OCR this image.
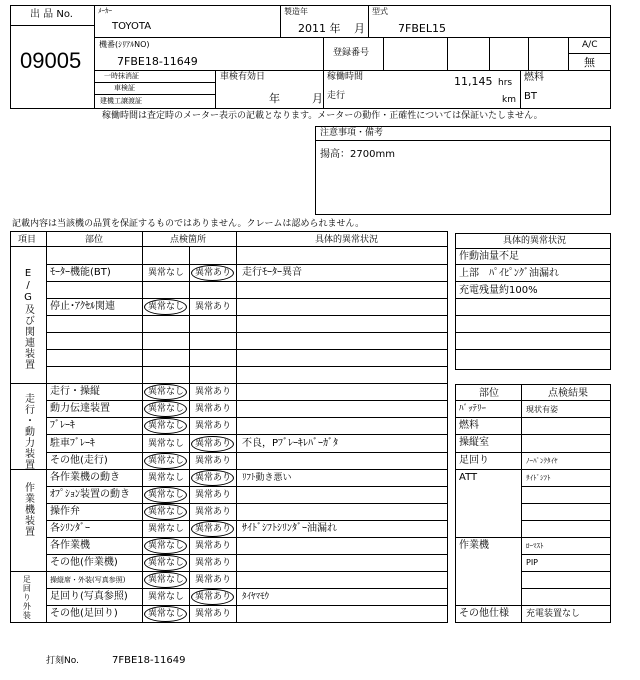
出 品 No.
09005
ﾒｰｶｰ
TOYOTA
製造年
2011 年 月
型式
7FBEL15
機番(ｼﾘｱﾙNO)
7FBE18-11649
登録番号
A/C
無
一時抹消証
車検証
建機工譲渡証
車検有効日
年	月
稼働時間	11,145 hrs
走行	km
燃料
BT
稼働時間は査定時のメーター表示の記載となります。メーターの動作・正確性については保証いたしません。
注意事項・備考
揚高：2700mm
記載内容は当該機の品質を保証するものではありません。クレームは認められません。
項目	部位	点検箇所	具体的異常状況
E/G及び関連装置
走行・動力装置
作業機装置
足回り外装
ﾓｰﾀｰ機能(BT)	異常なし 異常あり 走行ﾓｰﾀｰ異音
停止･ｱｸｾﾙ関連	異常なし 異常あり
走行・操縦	異常なし 異常あり
動力伝達装置	異常なし 異常あり
ﾌﾞﾚｰｷ	異常なし 異常あり
駐車ﾌﾞﾚｰｷ	異常なし 異常あり 不良，Pﾌﾞﾚｰｷﾚﾊﾞｰｶﾞﾀ
その他(走行)	異常なし 異常あり
各作業機の動き	異常なし 異常あり ﾘﾌﾄ動き悪い
ｵﾌﾟｼｮﾝ装置の動き 異常なし 異常あり
操作弁	異常なし 異常あり
各ｼﾘﾝﾀﾞｰ	異常なし 異常あり ｻｲﾄﾞｼﾌﾄｼﾘﾝﾀﾞｰ油漏れ
各作業機	異常なし 異常あり
その他(作業機)	異常なし 異常あり
操縦席・外装(写真参照)	異常なし 異常あり
足回り(写真参照) 異常なし 異常あり ﾀｲﾔﾏﾓｳ
その他(足回り)	異常なし 異常あり
具体的異常状況
作動油量不足
上部　ﾊﾟｲﾋﾟﾝｸﾞ油漏れ
充電残量約100%
部位	点検結果
ﾊﾞｯﾃﾘｰ	現状有姿
燃料
操縦室
足回り	ﾉｰﾊﾟﾝｸﾀｲﾔ
ATT	ｻｲﾄﾞｼﾌﾄ
作業機	ﾛｰﾏｽﾄ
PIP
その他仕様 充電装置なし
打刻No.	7FBE18-11649
